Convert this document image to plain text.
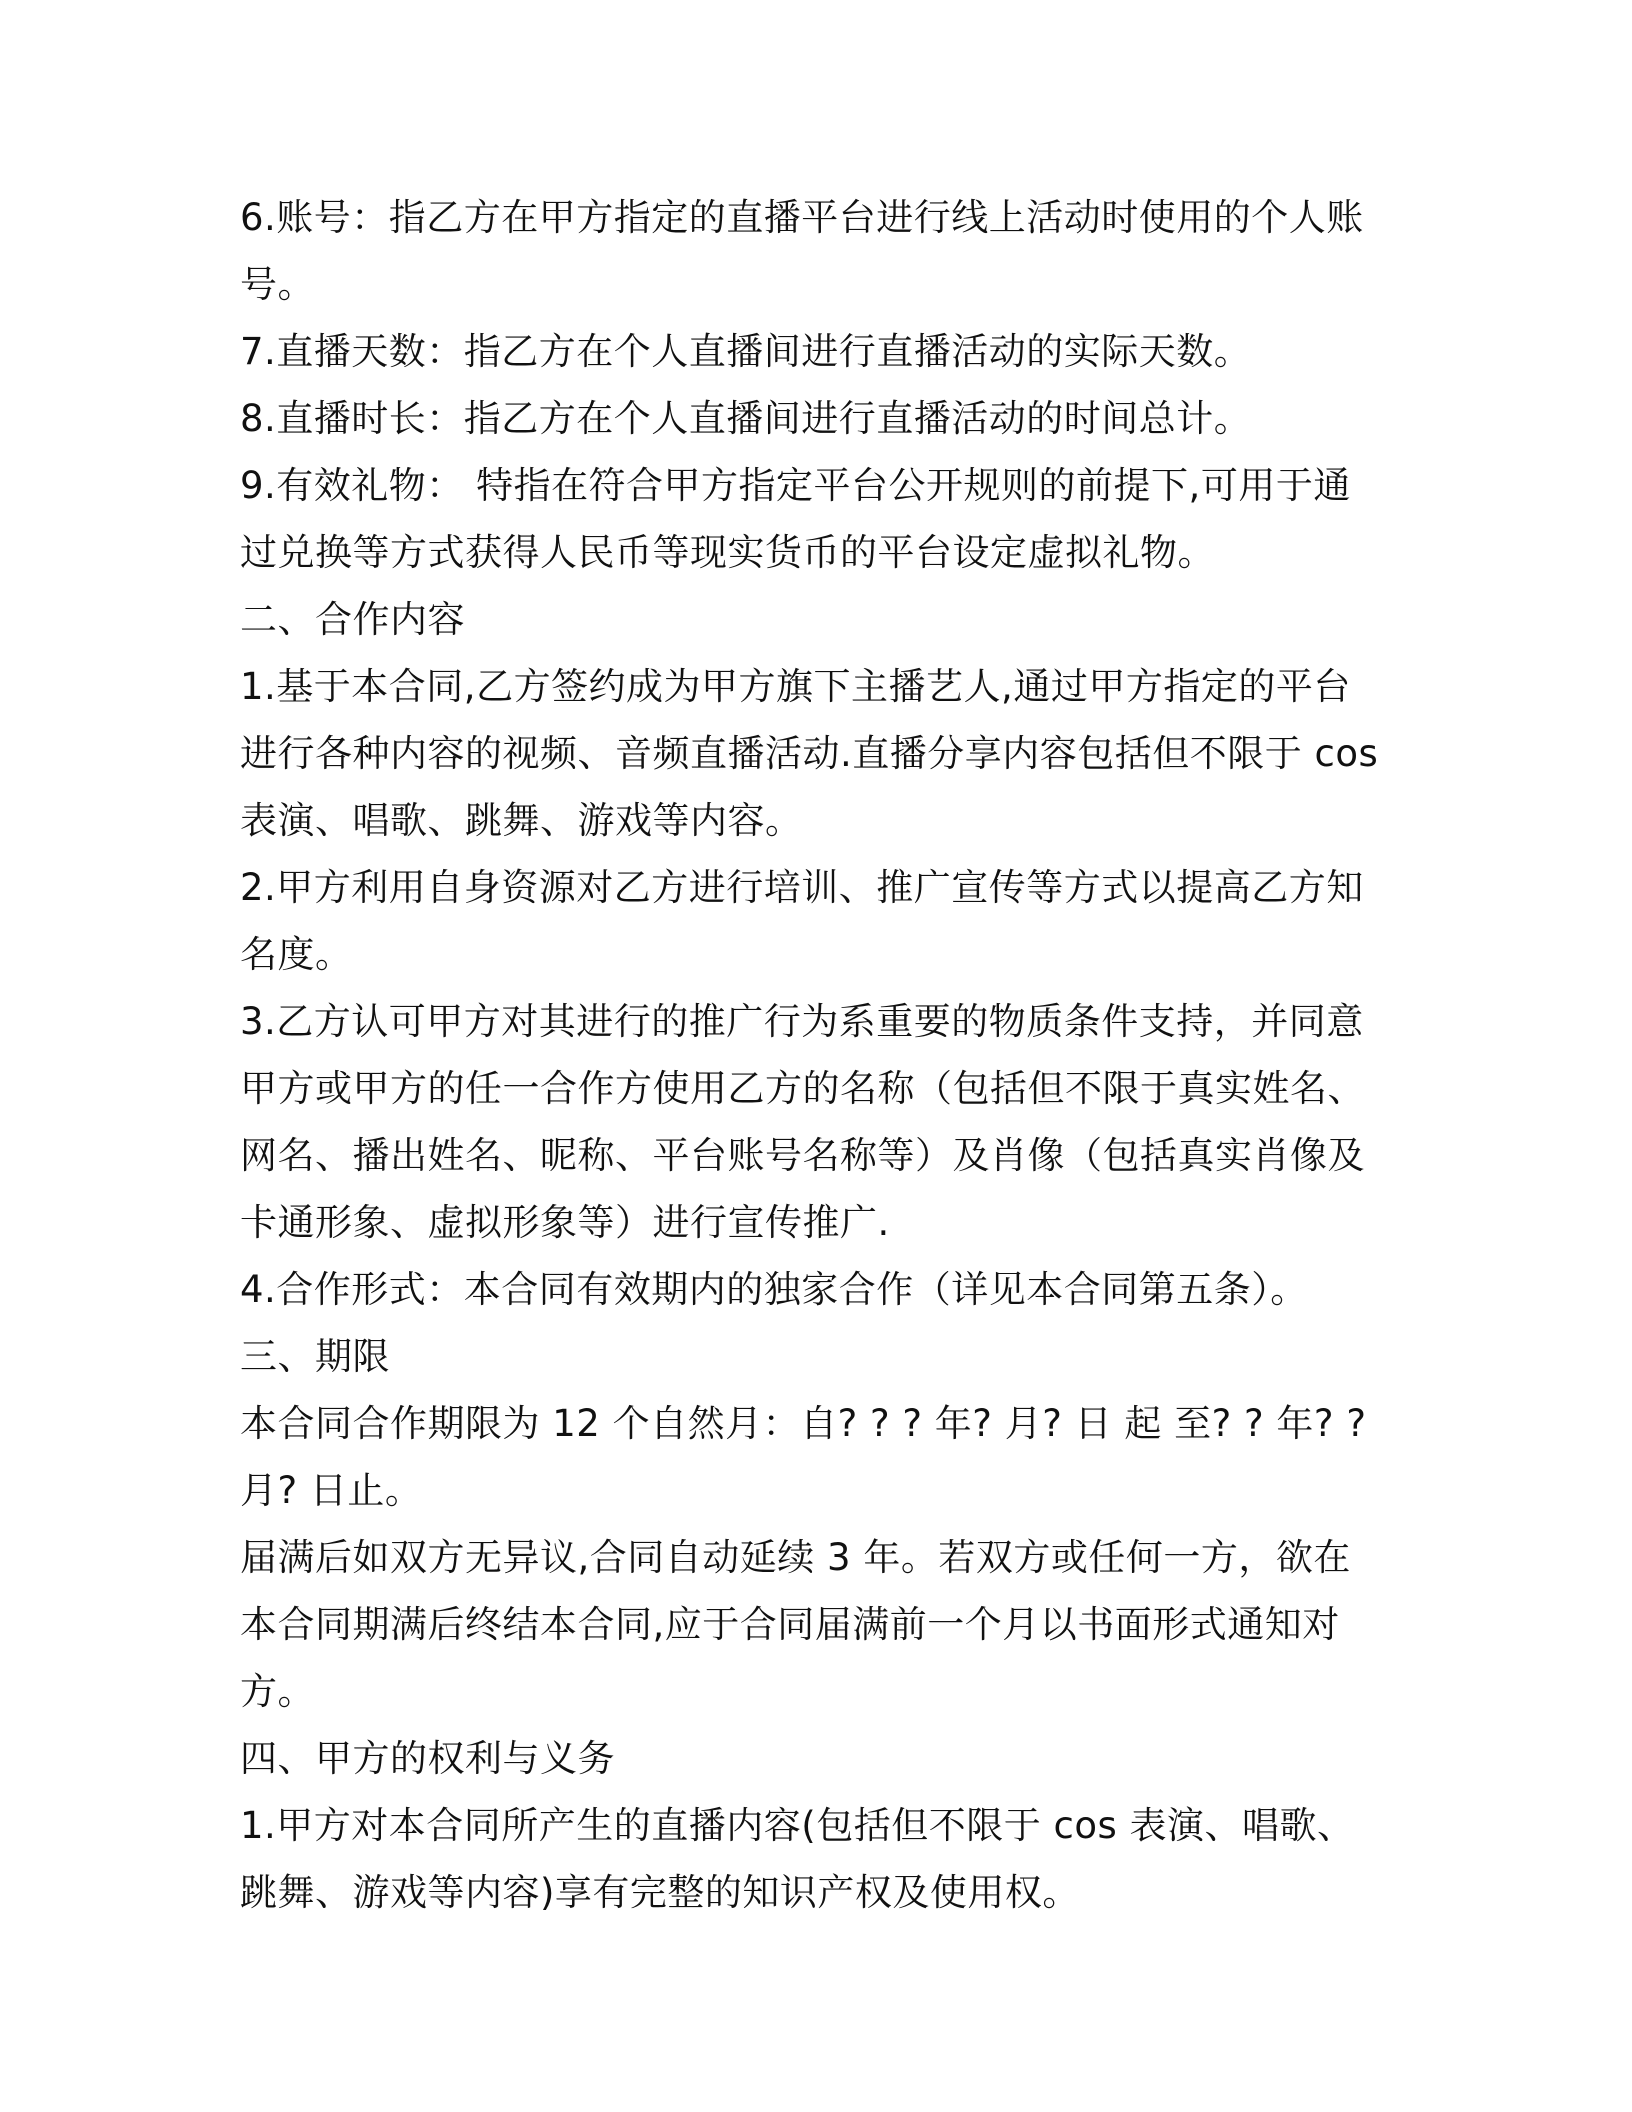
6.账号：指乙方在甲方指定的直播平台进行线上活动时使用的个人账号。

7.直播天数：指乙方在个人直播间进行直播活动的实际天数。

8.直播时长：指乙方在个人直播间进行直播活动的时间总计。

9.有效礼物： 特指在符合甲方指定平台公开规则的前提下,可用于通过兑换等方式获得人民币等现实货币的平台设定虚拟礼物。

二、合作内容

1.基于本合同,乙方签约成为甲方旗下主播艺人,通过甲方指定的平台进行各种内容的视频、音频直播活动.直播分享内容包括但不限于 cos 表演、唱歌、跳舞、游戏等内容。

2.甲方利用自身资源对乙方进行培训、推广宣传等方式以提高乙方知名度。

3.乙方认可甲方对其进行的推广行为系重要的物质条件支持，并同意甲方或甲方的任一合作方使用乙方的名称（包括但不限于真实姓名、网名、播出姓名、昵称、平台账号名称等）及肖像（包括真实肖像及卡通形象、虚拟形象等）进行宣传推广.

4.合作形式：本合同有效期内的独家合作（详见本合同第五条）。

三、期限

本合同合作期限为 12 个自然月：自? ? ? 年? 月? 日 起 至? ? 年? ? 月? 日止。

届满后如双方无异议,合同自动延续 3 年。若双方或任何一方，欲在本合同期满后终结本合同,应于合同届满前一个月以书面形式通知对方。

四、甲方的权利与义务

1.甲方对本合同所产生的直播内容(包括但不限于 cos 表演、唱歌、跳舞、游戏等内容)享有完整的知识产权及使用权。
